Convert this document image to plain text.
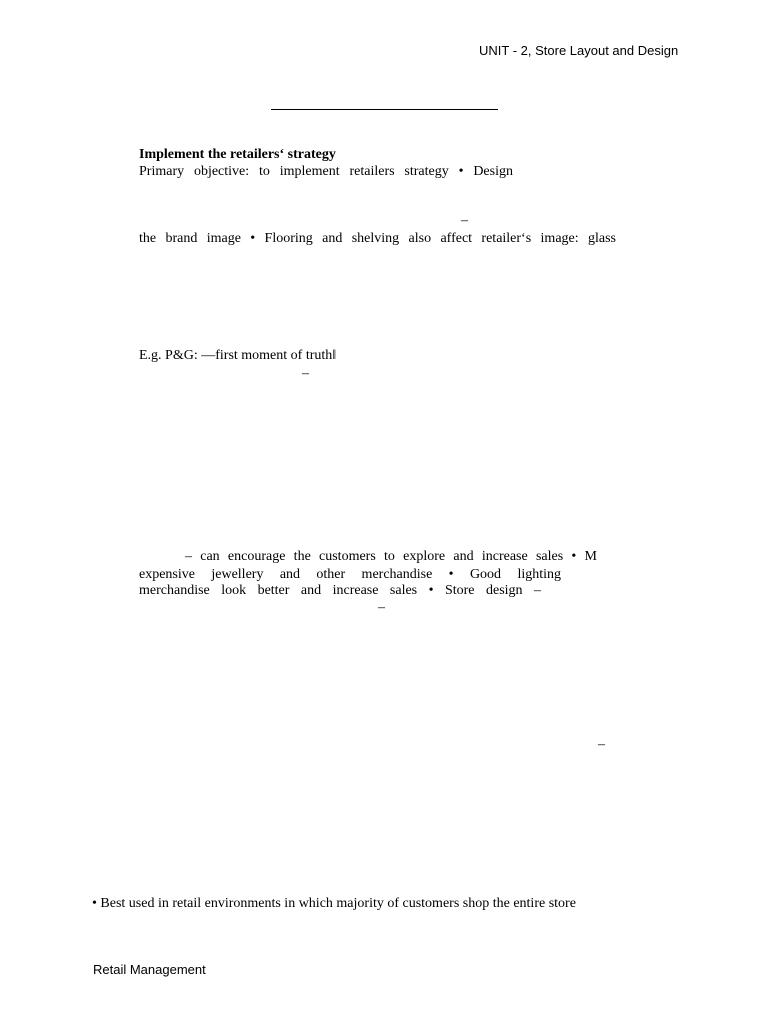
UNIT - 2, Store Layout and Design
Implement the retailers‘ strategy
Primary objective: to implement retailers strategy • Design
–
the brand image • Flooring and shelving also affect retailer‘s image: glass
E.g. P&G: —first moment of truth‖
–
– can encourage the customers to explore and increase sales • M
expensive jewellery and other merchandise • Good lighting
merchandise look better and increase sales • Store design –
–
–
• Best used in retail environments in which majority of customers shop the entire store
Retail Management
